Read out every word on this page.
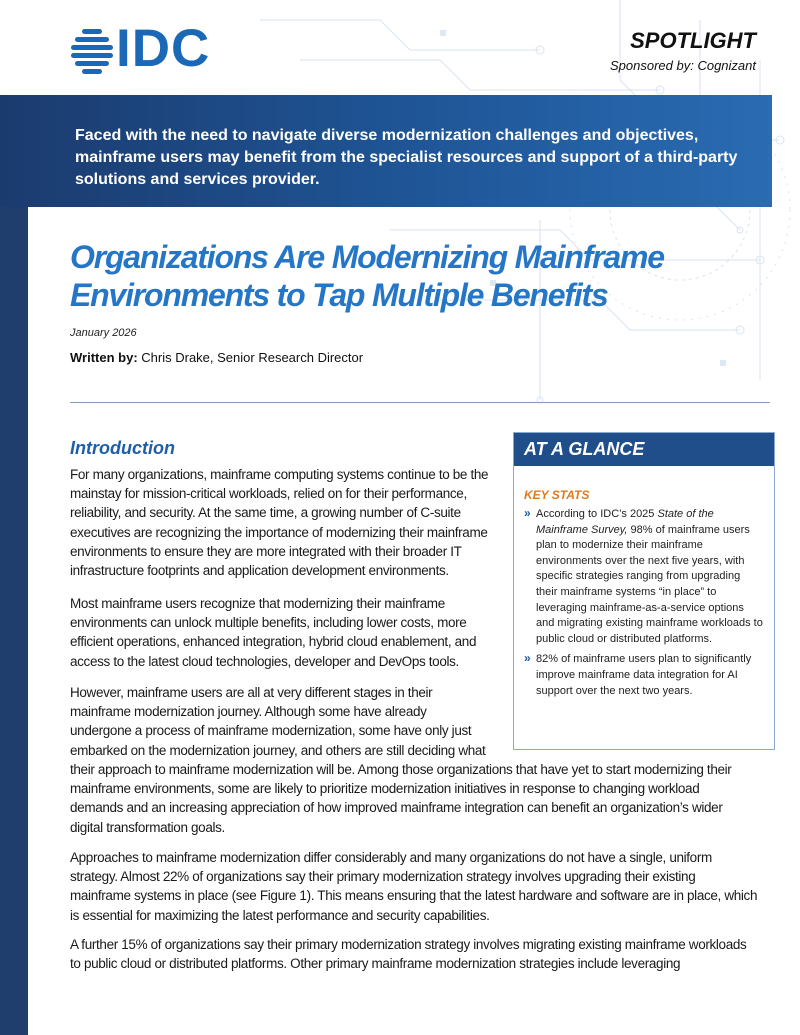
IDC	SPOTLIGHT
Sponsored by: Cognizant
Faced with the need to navigate diverse modernization challenges and objectives, mainframe users may benefit from the specialist resources and support of a third-party solutions and services provider.
Organizations Are Modernizing Mainframe
Environments to Tap Multiple Benefits
January 2026
Written by: Chris Drake, Senior Research Director
AT A GLANCE
KEY STATS
» According to IDC’s 2025 State of the Mainframe Survey, 98% of mainframe users plan to modernize their mainframe environments over the next five years, with specific strategies ranging from upgrading their mainframe systems “in place” to leveraging mainframe-as-a-service options and migrating existing mainframe workloads to public cloud or distributed platforms.
» 82% of mainframe users plan to significantly improve mainframe data integration for AI support over the next two years.
Introduction
For many organizations, mainframe computing systems continue to be the
mainstay for mission-critical workloads, relied on for their performance,
reliability, and security. At the same time, a growing number of C-suite
executives are recognizing the importance of modernizing their mainframe
environments to ensure they are more integrated with their broader IT
infrastructure footprints and application development environments.
Most mainframe users recognize that modernizing their mainframe
environments can unlock multiple benefits, including lower costs, more
efficient operations, enhanced integration, hybrid cloud enablement, and
access to the latest cloud technologies, developer and DevOps tools.
However, mainframe users are all at very different stages in their
mainframe modernization journey. Although some have already
undergone a process of mainframe modernization, some have only just
embarked on the modernization journey, and others are still deciding what
their approach to mainframe modernization will be. Among those organizations that have yet to start modernizing their
mainframe environments, some are likely to prioritize modernization initiatives in response to changing workload
demands and an increasing appreciation of how improved mainframe integration can benefit an organization’s wider
digital transformation goals.
Approaches to mainframe modernization differ considerably and many organizations do not have a single, uniform
strategy. Almost 22% of organizations say their primary modernization strategy involves upgrading their existing
mainframe systems in place (see Figure 1). This means ensuring that the latest hardware and software are in place, which
is essential for maximizing the latest performance and security capabilities.
A further 15% of organizations say their primary modernization strategy involves migrating existing mainframe workloads
to public cloud or distributed platforms. Other primary mainframe modernization strategies include leveraging
